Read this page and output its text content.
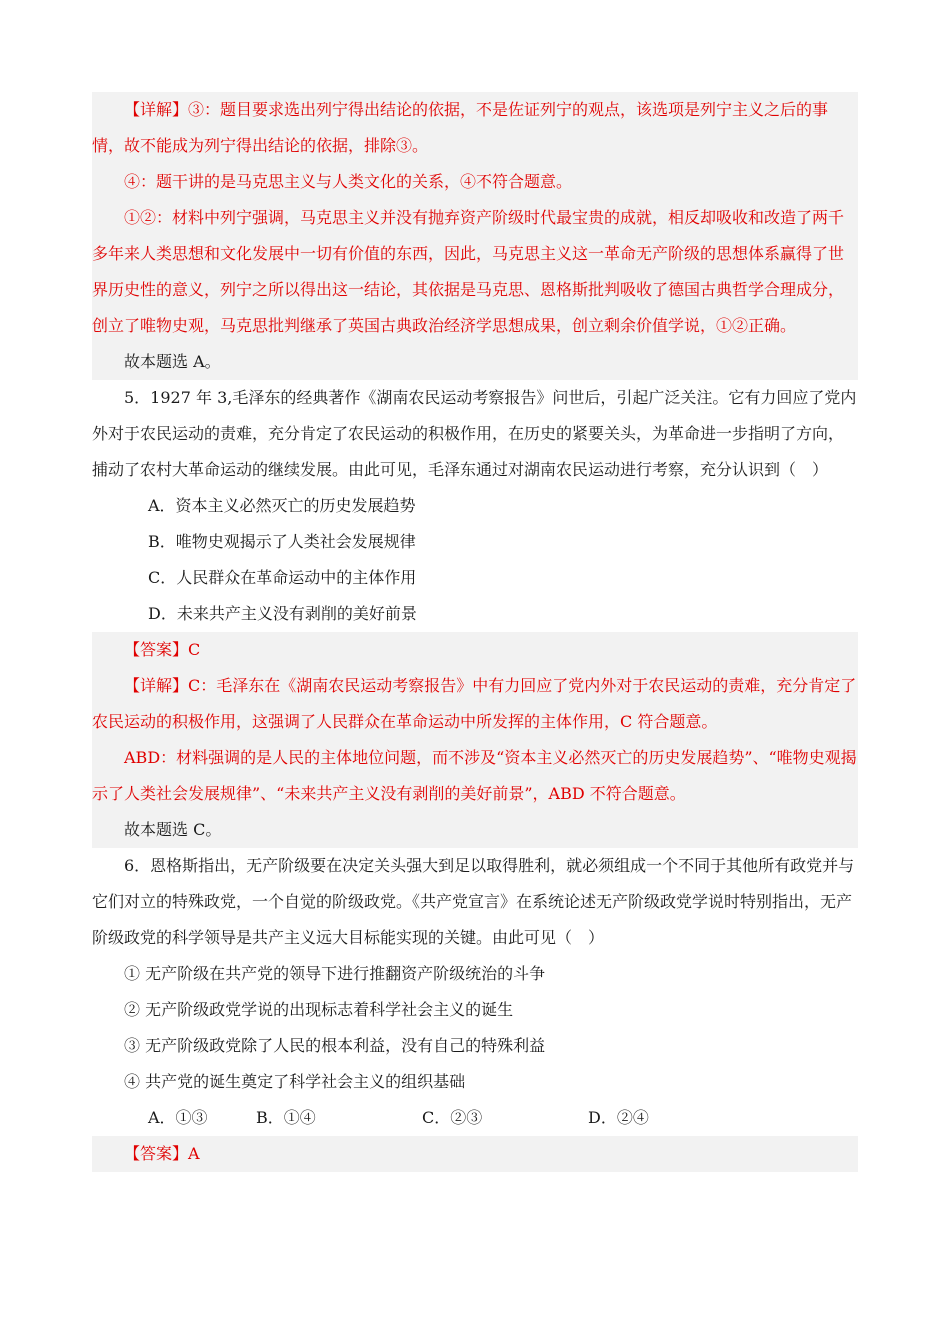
【详解】③：题目要求选出列宁得出结论的依据，不是佐证列宁的观点，该选项是列宁主义之后的事情，故不能成为列宁得出结论的依据，排除③。

④：题干讲的是马克思主义与人类文化的关系，④不符合题意。

①②：材料中列宁强调，马克思主义并没有抛弃资产阶级时代最宝贵的成就，相反却吸收和改造了两千多年来人类思想和文化发展中一切有价值的东西，因此，马克思主义这一革命无产阶级的思想体系赢得了世界历史性的意义，列宁之所以得出这一结论，其依据是马克思、恩格斯批判吸收了德国古典哲学合理成分，创立了唯物史观，马克思批判继承了英国古典政治经济学思想成果，创立剩余价值学说，①②正确。

故本题选 A。

5．1927 年 3,毛泽东的经典著作《湖南农民运动考察报告》问世后，引起广泛关注。它有力回应了党内外对于农民运动的责难，充分肯定了农民运动的积极作用，在历史的紧要关头，为革命进一步指明了方向，捕动了农村大革命运动的继续发展。由此可见，毛泽东通过对湖南农民运动进行考察，充分认识到（　）

A．资本主义必然灭亡的历史发展趋势

B．唯物史观揭示了人类社会发展规律

C．人民群众在革命运动中的主体作用

D．未来共产主义没有剥削的美好前景

【答案】C

【详解】C：毛泽东在《湖南农民运动考察报告》中有力回应了党内外对于农民运动的责难，充分肯定了农民运动的积极作用，这强调了人民群众在革命运动中所发挥的主体作用，C 符合题意。

ABD：材料强调的是人民的主体地位问题，而不涉及“资本主义必然灭亡的历史发展趋势”、“唯物史观揭示了人类社会发展规律”、“未来共产主义没有剥削的美好前景”，ABD 不符合题意。

故本题选 C。

6．恩格斯指出，无产阶级要在决定关头强大到足以取得胜利，就必须组成一个不同于其他所有政党并与它们对立的特殊政党，一个自觉的阶级政党。《共产党宣言》在系统论述无产阶级政党学说时特别指出，无产阶级政党的科学领导是共产主义远大目标能实现的关键。由此可见（　）

① 无产阶级在共产党的领导下进行推翻资产阶级统治的斗争

② 无产阶级政党学说的出现标志着科学社会主义的诞生

③ 无产阶级政党除了人民的根本利益，没有自己的特殊利益

④ 共产党的诞生奠定了科学社会主义的组织基础

A．①③	B．①④	C．②③	D．②④

【答案】A
